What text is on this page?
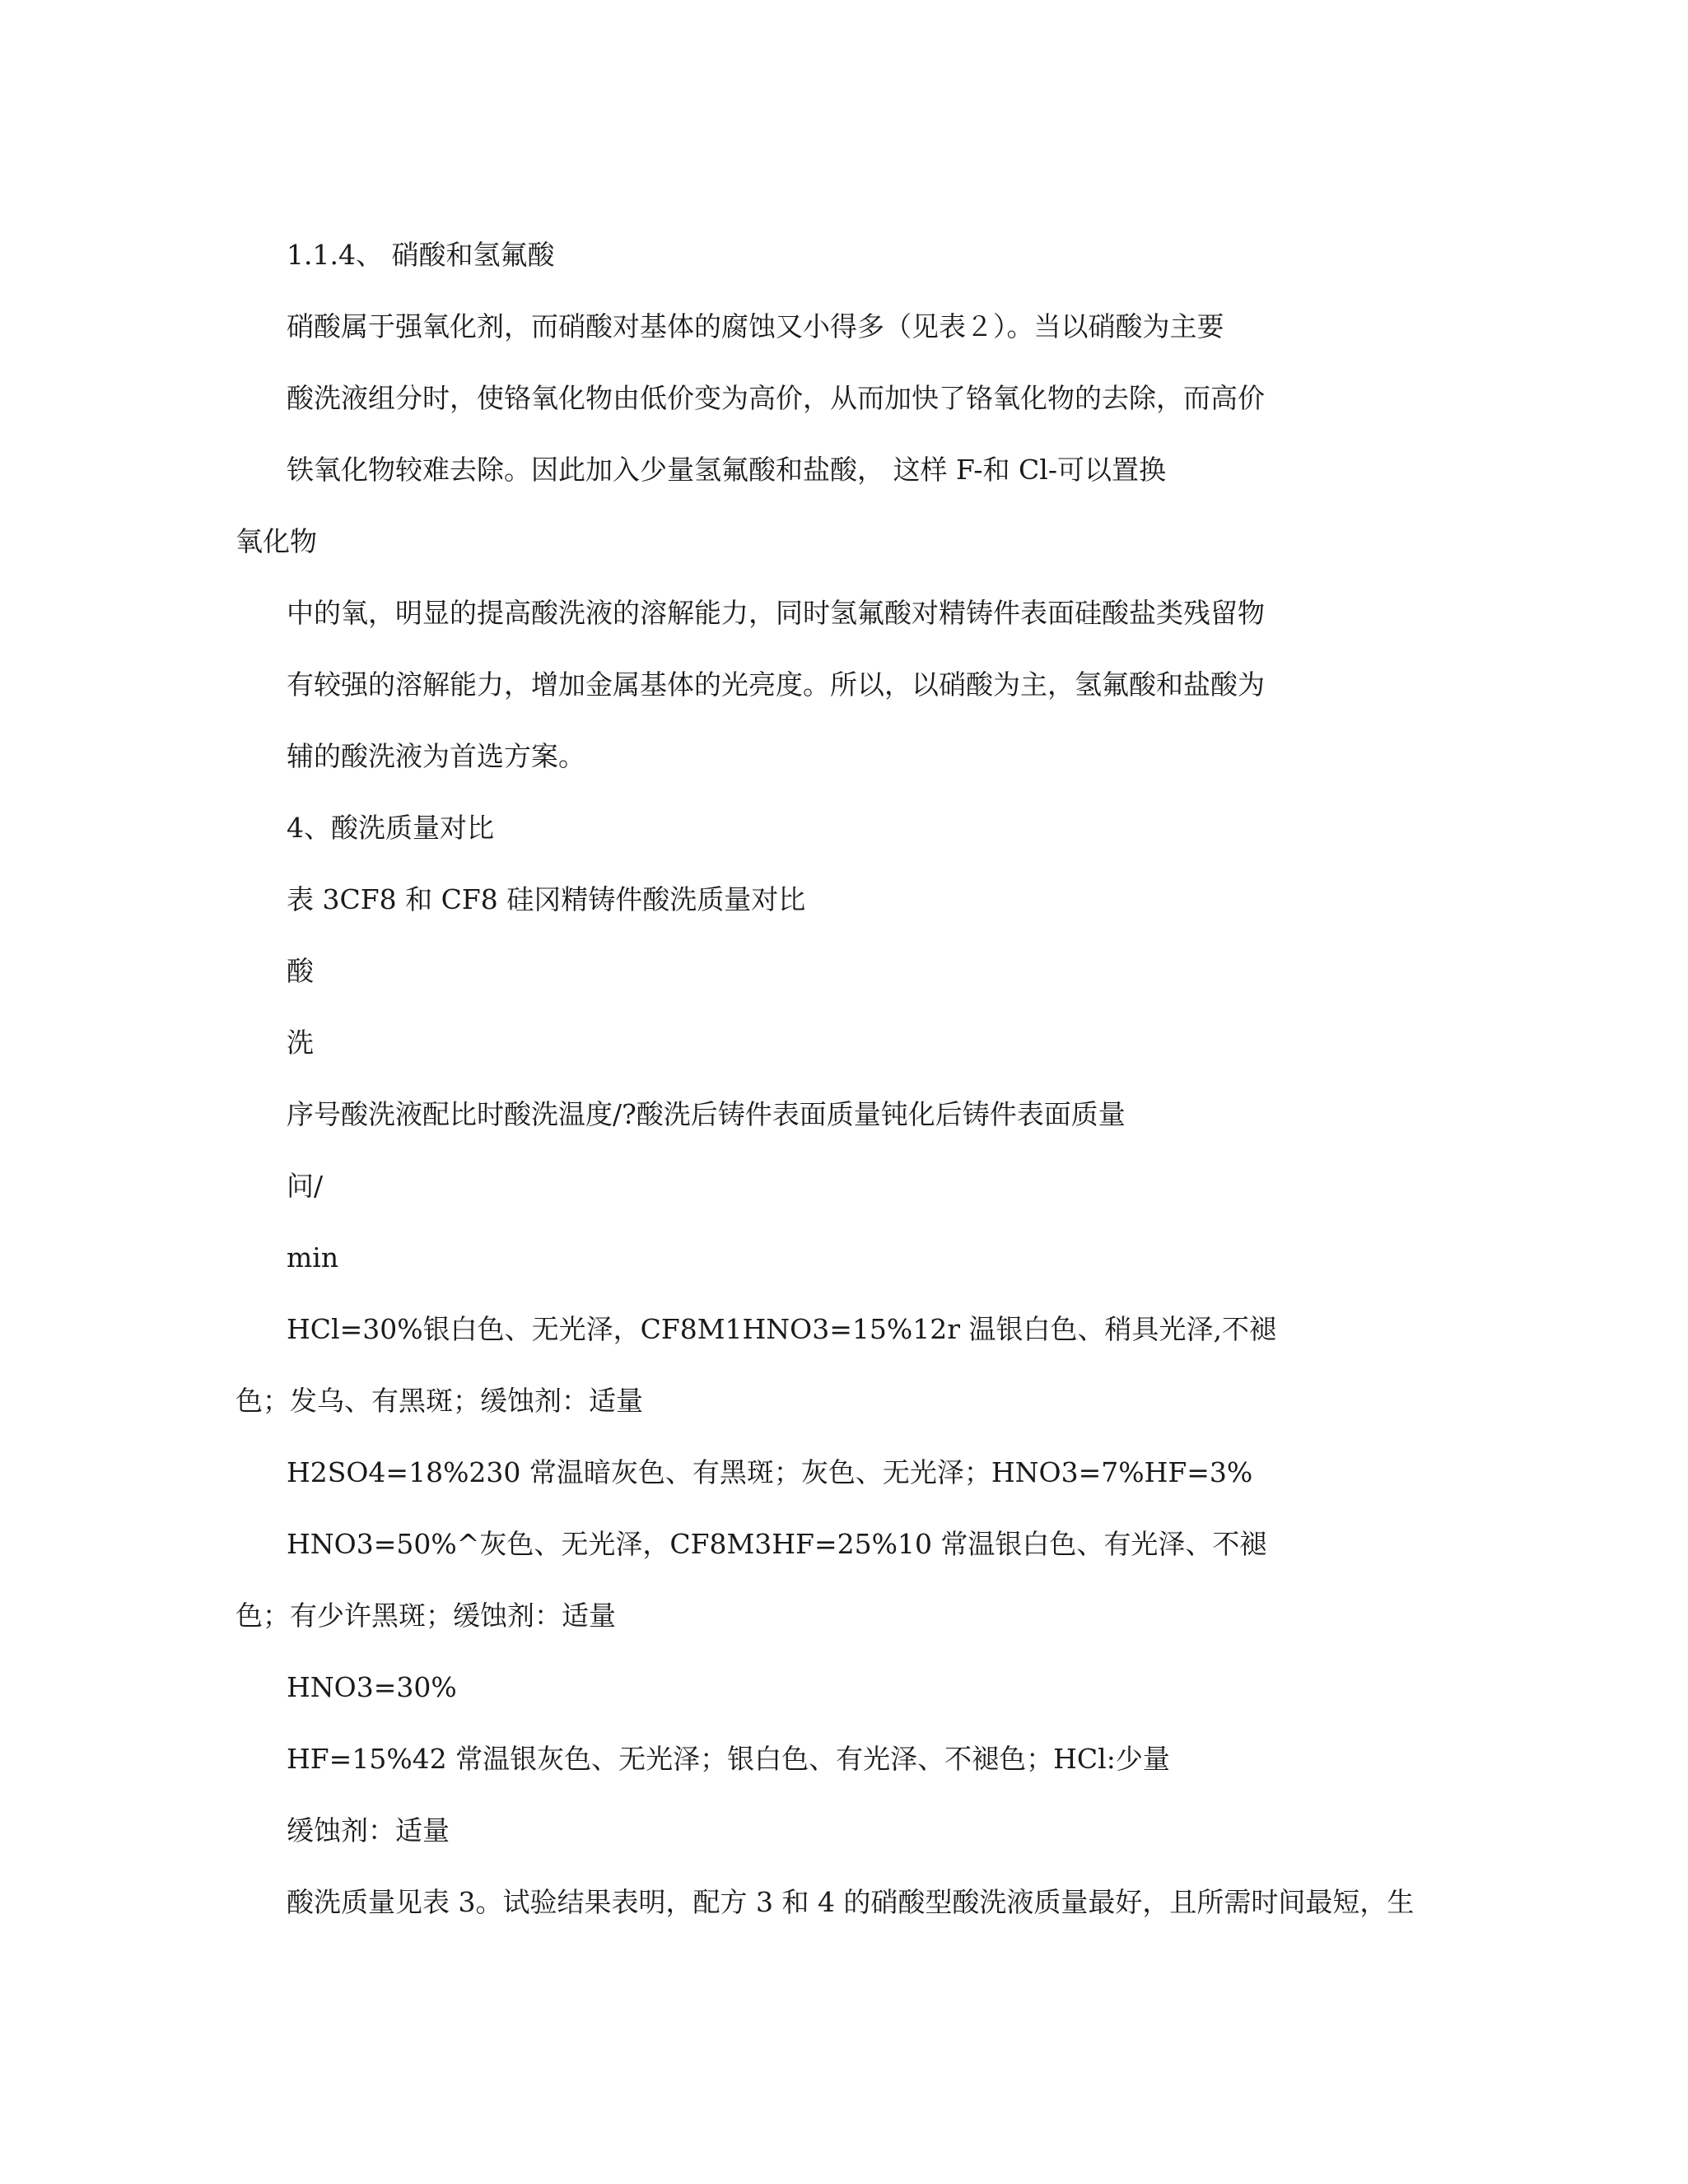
1.1.4、 硝酸和氢氟酸
硝酸属于强氧化剂，而硝酸对基体的腐蚀又小得多（见表２）。当以硝酸为主要
酸洗液组分时，使铬氧化物由低价变为高价，从而加快了铬氧化物的去除，而高价
铁氧化物较难去除。因此加入少量氢氟酸和盐酸， 这样 F-和 Cl-可以置换
氧化物
中的氧，明显的提高酸洗液的溶解能力，同时氢氟酸对精铸件表面硅酸盐类残留物
有较强的溶解能力，增加金属基体的光亮度。所以，以硝酸为主，氢氟酸和盐酸为
辅的酸洗液为首选方案。
4、酸洗质量对比
表 3CF8 和 CF8 硅冈精铸件酸洗质量对比
酸
洗
序号酸洗液配比时酸洗温度/?酸洗后铸件表面质量钝化后铸件表面质量
问/
min
HCl=30%银白色、无光泽，CF8M1HNO3=15%12r 温银白色、稍具光泽,不褪
色；发乌、有黑斑；缓蚀剂：适量
H2SO4=18%230 常温暗灰色、有黑斑；灰色、无光泽；HNO3=7%HF=3%
HNO3=50%^灰色、无光泽，CF8M3HF=25%10 常温银白色、有光泽、不褪
色；有少许黑斑；缓蚀剂：适量
HNO3=30%
HF=15%42 常温银灰色、无光泽；银白色、有光泽、不褪色；HCl:少量
缓蚀剂：适量
酸洗质量见表 3。试验结果表明，配方 3 和 4 的硝酸型酸洗液质量最好，且所需时间最短，生
